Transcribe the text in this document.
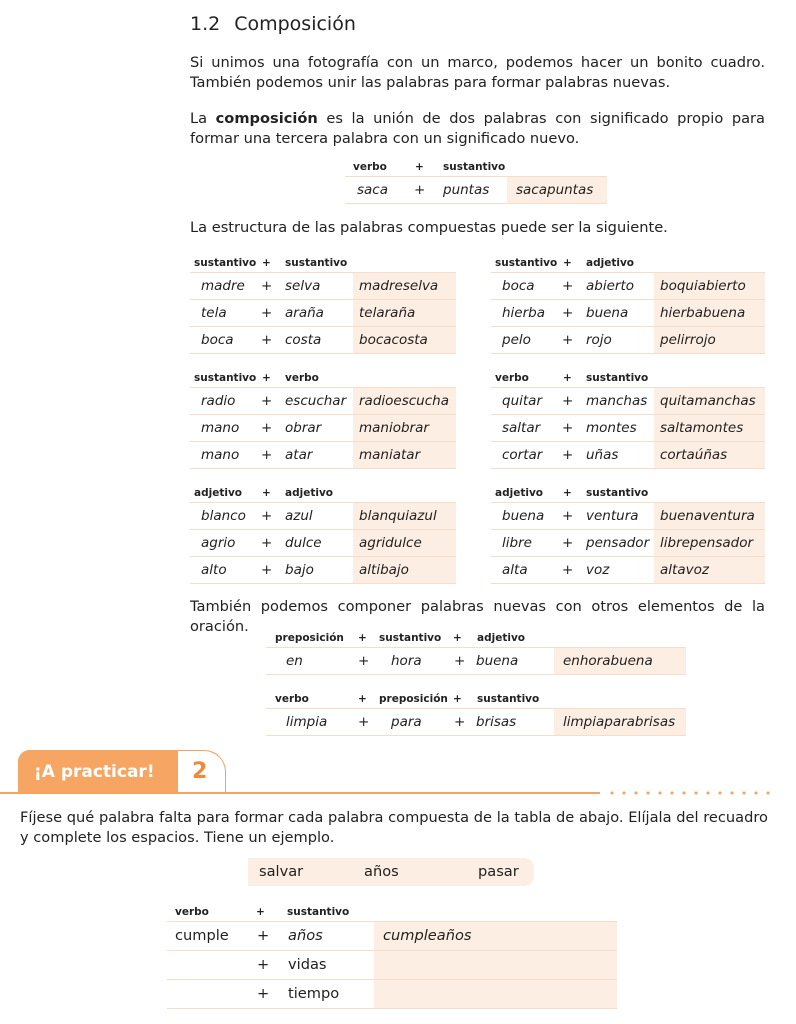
1.2 Composición
Si unimos una fotografía con un marco, podemos hacer un bonito cuadro. También podemos unir las palabras para formar palabras nuevas.
La composición es la unión de dos palabras con significado propio para formar una tercera palabra con un significado nuevo.
verbo	+ sustantivo
saca + puntas	sacapuntas
La estructura de las palabras compuestas puede ser la siguiente.
sustantivo + sustantivo
madre + selva	madreselva
tela	+ araña	telaraña
boca + costa	bocacosta
sustantivo + adjetivo
boca + abierto	boquiabierto
hierba + buena	hierbabuena
pelo + rojo	pelirrojo
sustantivo + verbo
radio + escuchar radioescucha
mano + obrar	maniobrar
mano + atar	maniatar
verbo	+ sustantivo
quitar + manchas quitamanchas
saltar + montes	saltamontes
cortar + uñas	cortaúñas
adjetivo + adjetivo
blanco + azul	blanquiazul
agrio + dulce	agridulce
alto	+ bajo	altibajo
adjetivo + sustantivo
buena + ventura	buenaventura
libre + pensador librepensador
alta	+ voz	altavoz
También podemos componer palabras nuevas con otros elementos de la oración.
preposición + sustantivo + adjetivo
en	+ hora + buena	enhorabuena
verbo	+ preposición + sustantivo
limpia + para + brisas	limpiaparabrisas
¡A practicar!	2
Fíjese qué palabra falta para formar cada palabra compuesta de la tabla de abajo. Elíjala del recuadro y complete los espacios. Tiene un ejemplo.
salvar	años	pasar
verbo	+ sustantivo
cumple + años	cumpleaños
+ vidas
+ tiempo
